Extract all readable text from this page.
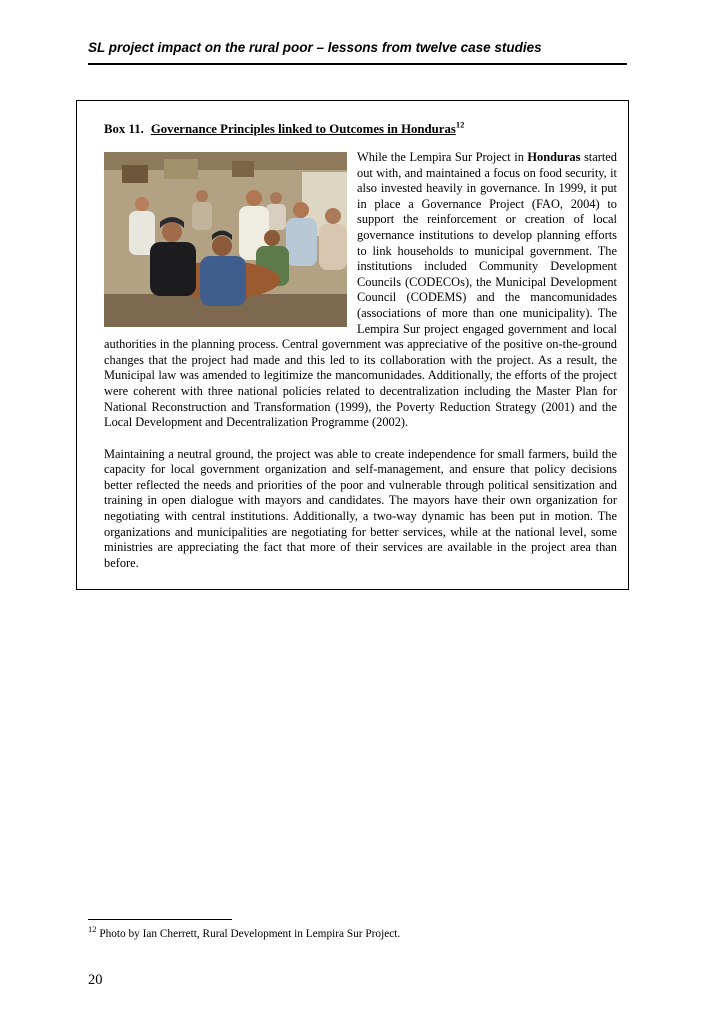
SL project impact on the rural poor – lessons from twelve case studies
Box 11. Governance Principles linked to Outcomes in Honduras$^{12}$

While the Lempira Sur Project in Honduras started out with, and maintained a focus on food security, it also invested heavily in governance. In 1999, it put in place a Governance Project (FAO, 2004) to support the reinforcement or creation of local governance institutions to develop planning efforts to link households to municipal government. The institutions included Community Development Councils (CODECOs), the Municipal Development Council (CODEMS) and the mancomunidades (associations of more than one municipality). The Lempira Sur project engaged government and local authorities in the planning process. Central government was appreciative of the positive on-the-ground changes that the project had made and this led to its collaboration with the project. As a result, the Municipal law was amended to legitimize the mancomunidades. Additionally, the efforts of the project were coherent with three national policies related to decentralization including the Master Plan for National Reconstruction and Transformation (1999), the Poverty Reduction Strategy (2001) and the Local Development and Decentralization Programme (2002).

Maintaining a neutral ground, the project was able to create independence for small farmers, build the capacity for local government organization and self-management, and ensure that policy decisions better reflected the needs and priorities of the poor and vulnerable through political sensitization and training in open dialogue with mayors and candidates. The mayors have their own organization for negotiating with central institutions. Additionally, a two-way dynamic has been put in motion. The organizations and municipalities are negotiating for better services, while at the national level, some ministries are appreciating the fact that more of their services are available in the project area than before.

$^{12}$ Photo by Ian Cherrett, Rural Development in Lempira Sur Project.
20
